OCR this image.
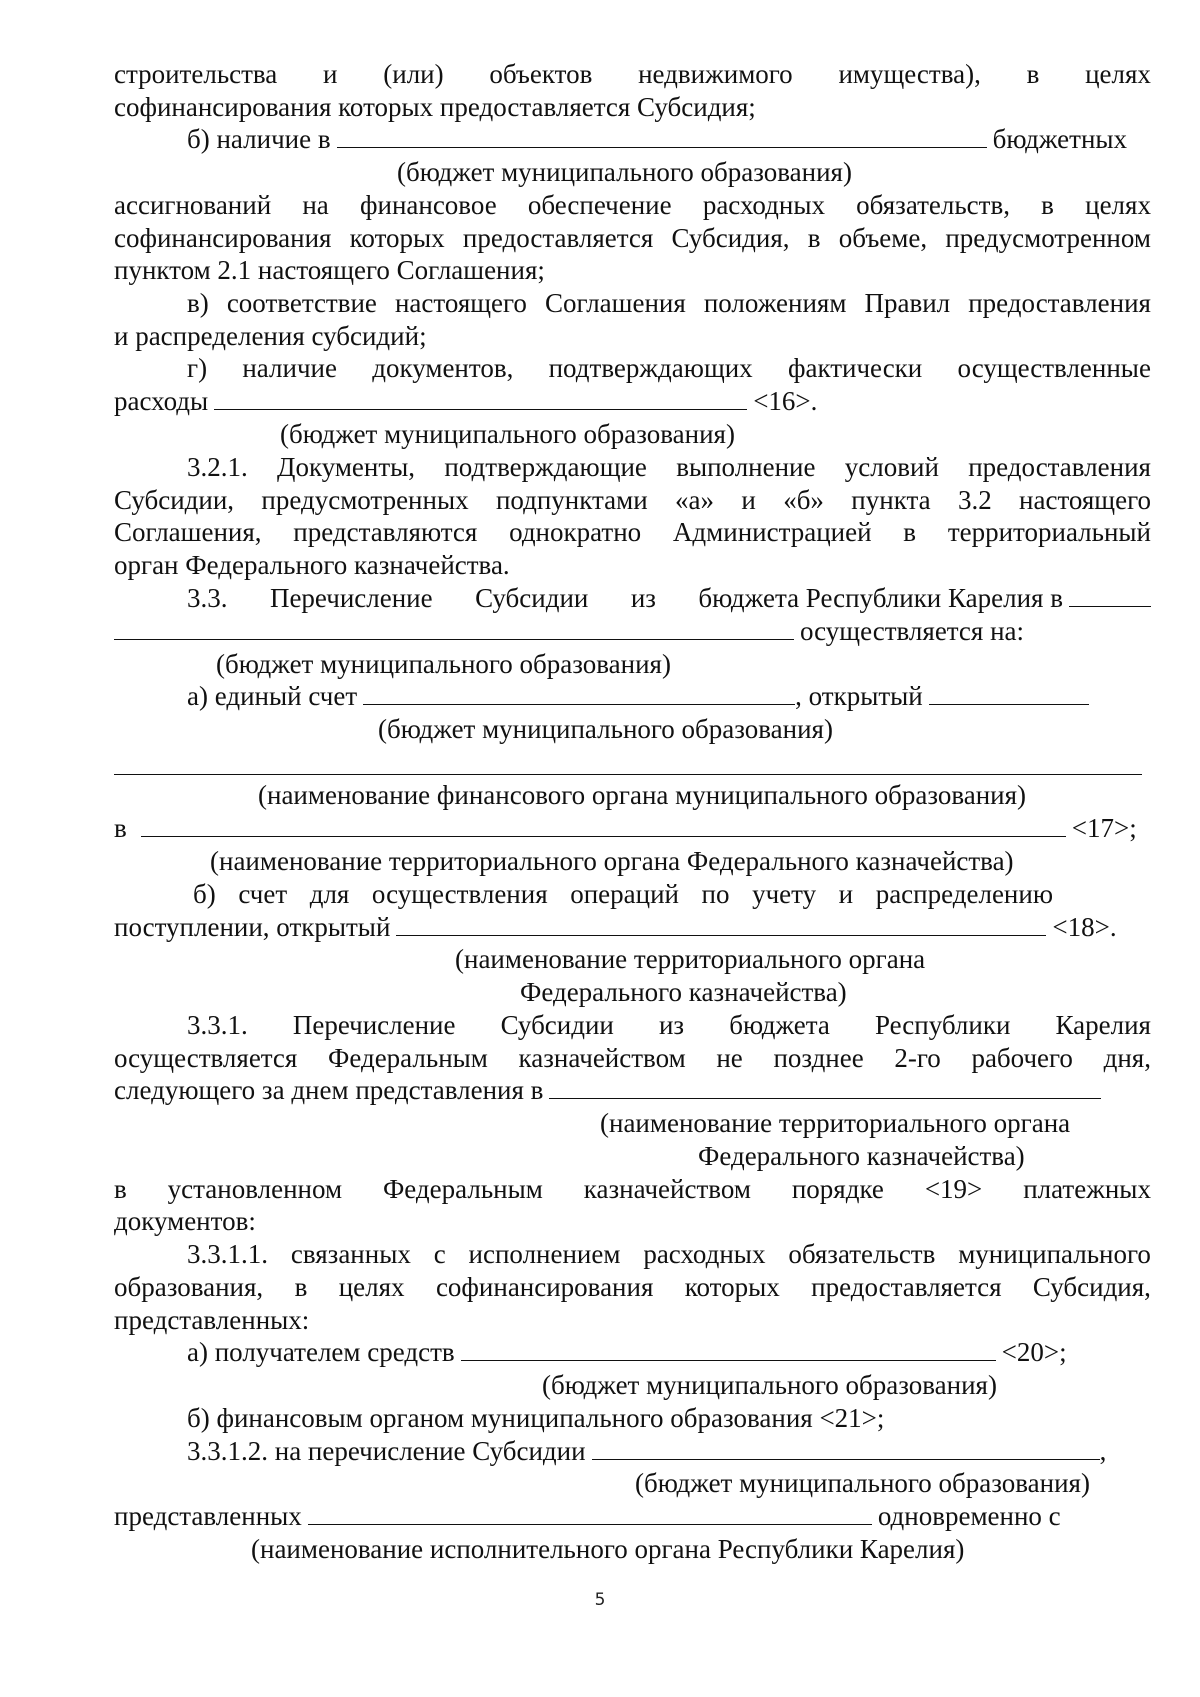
строительства и (или) объектов недвижимого имущества), в целях
софинансирования которых предоставляется Субсидия;
б) наличие в	бюджетных
(бюджет муниципального образования)
ассигнований на финансовое обеспечение расходных обязательств, в целях
софинансирования которых предоставляется Субсидия, в объеме, предусмотренном
пунктом 2.1 настоящего Соглашения;
в) соответствие настоящего Соглашения положениям Правил предоставления
и распределения субсидий;
г) наличие документов, подтверждающих фактически осуществленные
расходы	<16>.
(бюджет муниципального образования)
3.2.1. Документы, подтверждающие выполнение условий предоставления
Субсидии, предусмотренных подпунктами «а» и «б» пункта 3.2 настоящего
Соглашения, представляются однократно Администрацией в территориальный
орган Федерального казначейства.
3.3. Перечисление Субсидии из бюджета Республики Карелия в
осуществляется на:
(бюджет муниципального образования)
а) единый счет	, открытый
(бюджет муниципального образования)
(наименование финансового органа муниципального образования)
в	<17>;
(наименование территориального органа Федерального казначейства)
б) счет для осуществления операций по учету и распределению
поступлении, открытый	<18>.
(наименование территориального органа
Федерального казначейства)
3.3.1. Перечисление Субсидии из бюджета Республики Карелия
осуществляется Федеральным казначейством не позднее 2-го рабочего дня,
следующего за днем представления в
(наименование территориального органа
Федерального казначейства)
в установленном Федеральным казначейством порядке <19> платежных
документов:
3.3.1.1. связанных с исполнением расходных обязательств муниципального
образования, в целях софинансирования которых предоставляется Субсидия,
представленных:
а) получателем средств	<20>;
(бюджет муниципального образования)
б) финансовым органом муниципального образования <21>;
3.3.1.2. на перечисление Субсидии	,
(бюджет муниципального образования)
представленных	одновременно с
(наименование исполнительного органа Республики Карелия)
5
